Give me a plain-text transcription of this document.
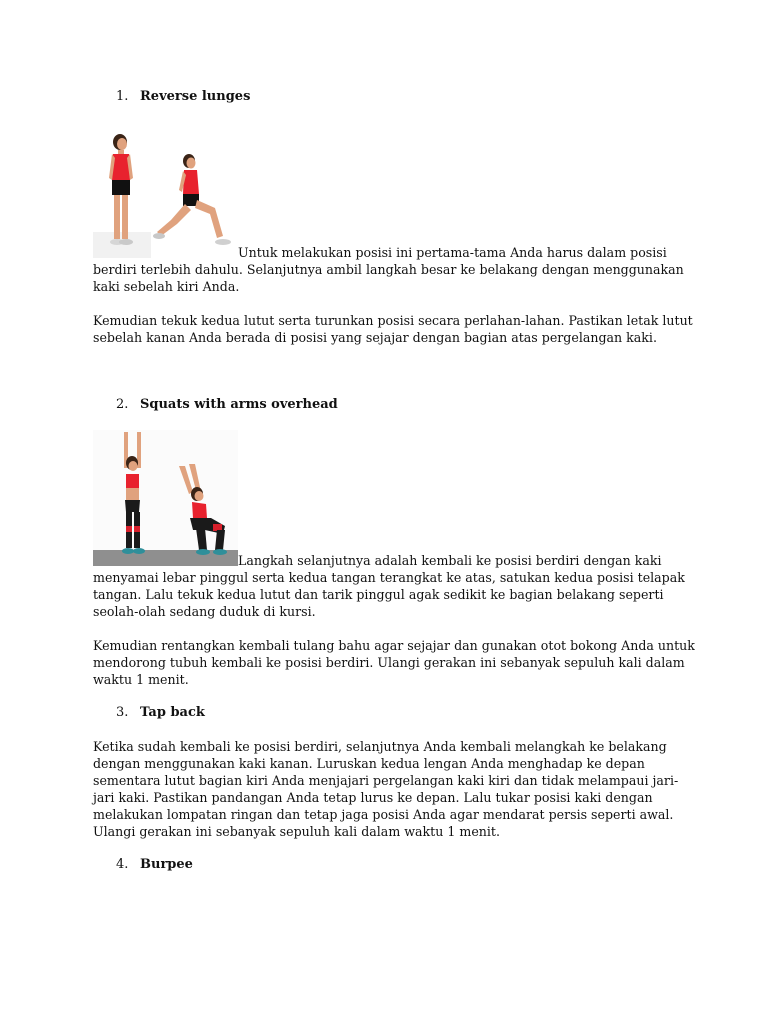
1. Reverse lunges
Untuk melakukan posisi ini pertama-tama Anda harus dalam posisi
berdiri terlebih dahulu. Selanjutnya ambil langkah besar ke belakang dengan menggunakan
kaki sebelah kiri Anda.
Kemudian tekuk kedua lutut serta turunkan posisi secara perlahan-lahan. Pastikan letak lutut
sebelah kanan Anda berada di posisi yang sejajar dengan bagian atas pergelangan kaki.
2. Squats with arms overhead
Langkah selanjutnya adalah kembali ke posisi berdiri dengan kaki
menyamai lebar pinggul serta kedua tangan terangkat ke atas, satukan kedua posisi telapak
tangan. Lalu tekuk kedua lutut dan tarik pinggul agak sedikit ke bagian belakang seperti
seolah-olah sedang duduk di kursi.
Kemudian rentangkan kembali tulang bahu agar sejajar dan gunakan otot bokong Anda untuk
mendorong tubuh kembali ke posisi berdiri. Ulangi gerakan ini sebanyak sepuluh kali dalam
waktu 1 menit.
3. Tap back
Ketika sudah kembali ke posisi berdiri, selanjutnya Anda kembali melangkah ke belakang
dengan menggunakan kaki kanan. Luruskan kedua lengan Anda menghadap ke depan
sementara lutut bagian kiri Anda menjajari pergelangan kaki kiri dan tidak melampaui jari-
jari kaki. Pastikan pandangan Anda tetap lurus ke depan. Lalu tukar posisi kaki dengan
melakukan lompatan ringan dan tetap jaga posisi Anda agar mendarat persis seperti awal.
Ulangi gerakan ini sebanyak sepuluh kali dalam waktu 1 menit.
4. Burpee
